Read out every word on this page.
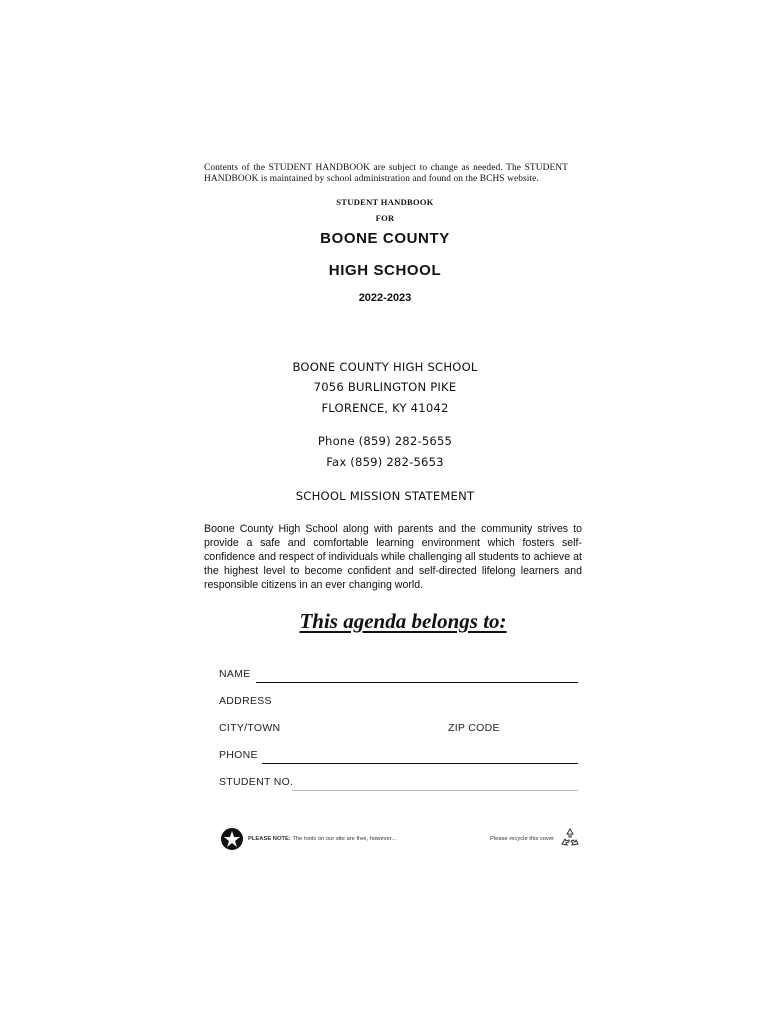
Contents of the STUDENT HANDBOOK are subject to change as needed. The STUDENT HANDBOOK is maintained by school administration and found on the BCHS website.
STUDENT HANDBOOK
FOR
BOONE COUNTY
HIGH SCHOOL
2022-2023
BOONE COUNTY HIGH SCHOOL
7056 BURLINGTON PIKE
FLORENCE, KY 41042
Phone (859) 282-5655
Fax (859) 282-5653
SCHOOL MISSION STATEMENT
Boone County High School along with parents and the community strives to provide a safe and comfortable learning environment which fosters self-confidence and respect of individuals while challenging all students to achieve at the highest level to become confident and self-directed lifelong learners and responsible citizens in an ever changing world.
This agenda belongs to:
NAME
ADDRESS
CITY/TOWN	ZIP CODE
PHONE
STUDENT NO.
PLEASE NOTE: The tools on our site are free, however...	Please recycle this cover
